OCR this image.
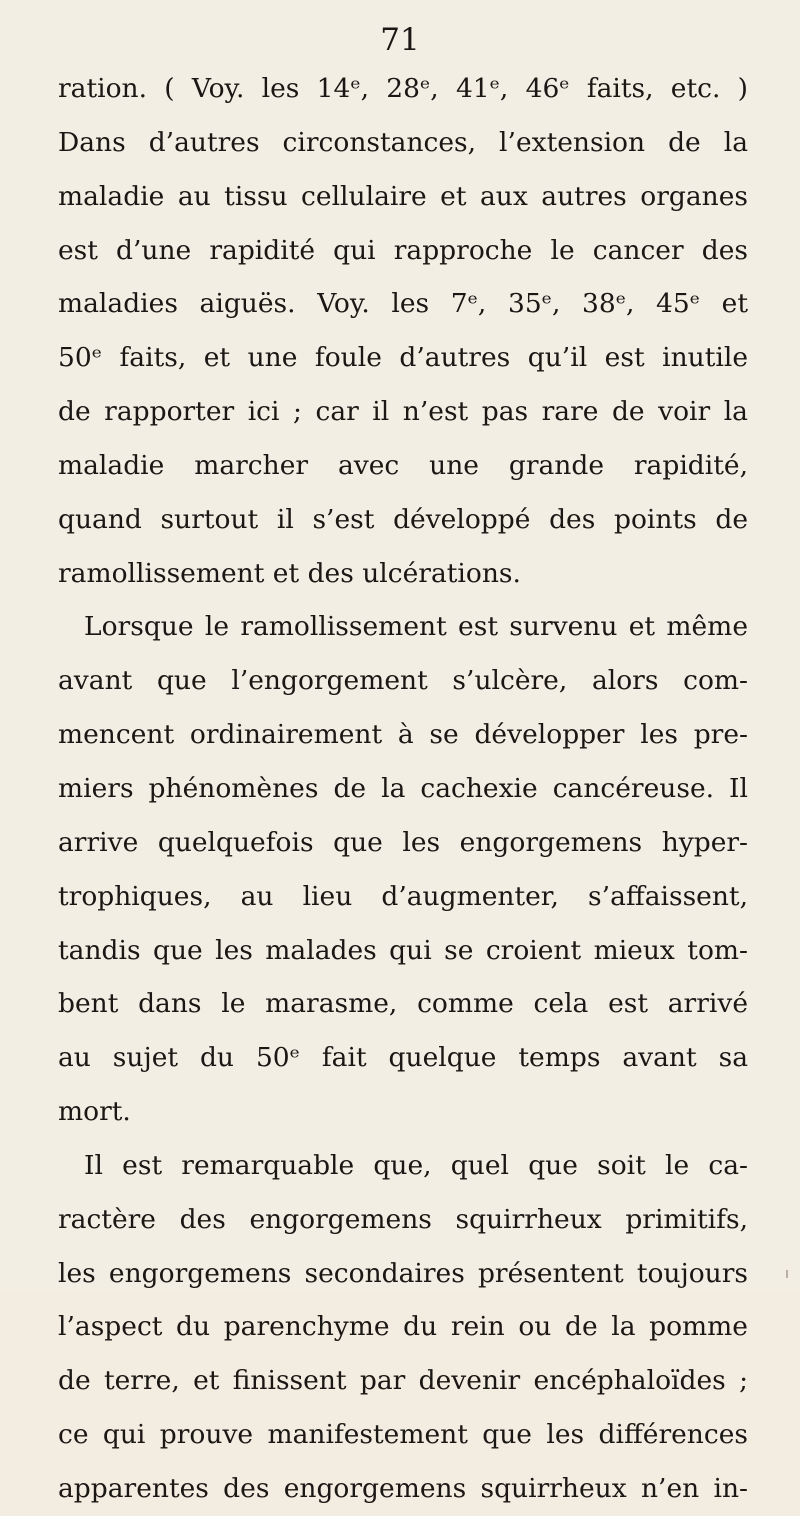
71
ration. ( Voy. les 14ᵉ, 28ᵉ, 41ᵉ, 46ᵉ faits, etc. )
Dans d’autres circonstances, l’extension de la
maladie au tissu cellulaire et aux autres organes
est d’une rapidité qui rapproche le cancer des
maladies aiguës. Voy. les 7ᵉ, 35ᵉ, 38ᵉ, 45ᵉ et
50ᵉ faits, et une foule d’autres qu’il est inutile
de rapporter ici ; car il n’est pas rare de voir la
maladie marcher avec une grande rapidité,
quand surtout il s’est développé des points de
ramollissement et des ulcérations.
Lorsque le ramollissement est survenu et même
avant que l’engorgement s’ulcère, alors com-
mencent ordinairement à se développer les pre-
miers phénomènes de la cachexie cancéreuse. Il
arrive quelquefois que les engorgemens hyper-
trophiques, au lieu d’augmenter, s’affaissent,
tandis que les malades qui se croient mieux tom-
bent dans le marasme, comme cela est arrivé
au sujet du 50ᵉ fait quelque temps avant sa
mort.
Il est remarquable que, quel que soit le ca-
ractère des engorgemens squirrheux primitifs,
les engorgemens secondaires présentent toujours
l’aspect du parenchyme du rein ou de la pomme
de terre, et finissent par devenir encéphaloïdes ;
ce qui prouve manifestement que les différences
apparentes des engorgemens squirrheux n’en in-
